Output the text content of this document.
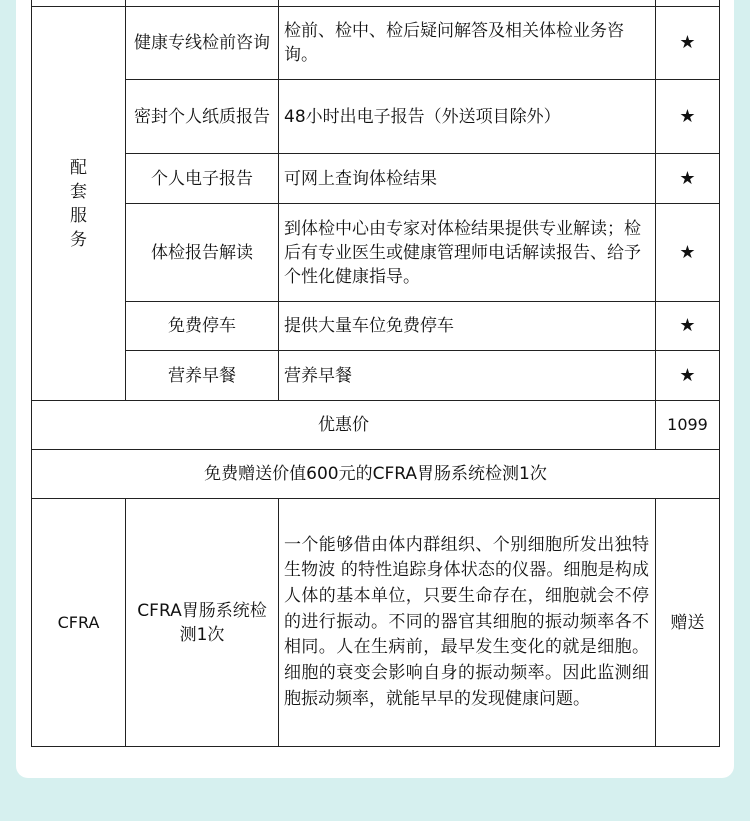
配套服务	健康专线检前咨询	检前、检中、检后疑问解答及相关体检业务咨询。	★
	密封个人纸质报告	48小时出电子报告（外送项目除外）	★
	个人电子报告	可网上查询体检结果	★
	体检报告解读	到体检中心由专家对体检结果提供专业解读；检后有专业医生或健康管理师电话解读报告、给予个性化健康指导。	★
	免费停车	提供大量车位免费停车	★
	营养早餐	营养早餐	★
优惠价			1099
免费赠送价值600元的CFRA胃肠系统检测1次			
CFRA	CFRA胃肠系统检测1次	一个能够借由体内群组织、个别细胞所发出独特生物波 的特性追踪身体状态的仪器。细胞是构成人体的基本单位，只要生命存在，细胞就会不停的进行振动。不同的器官其细胞的振动频率各不相同。人在生病前，最早发生变化的就是细胞。细胞的衰变会影响自身的振动频率。因此监测细胞振动频率，就能早早的发现健康问题。	赠送
